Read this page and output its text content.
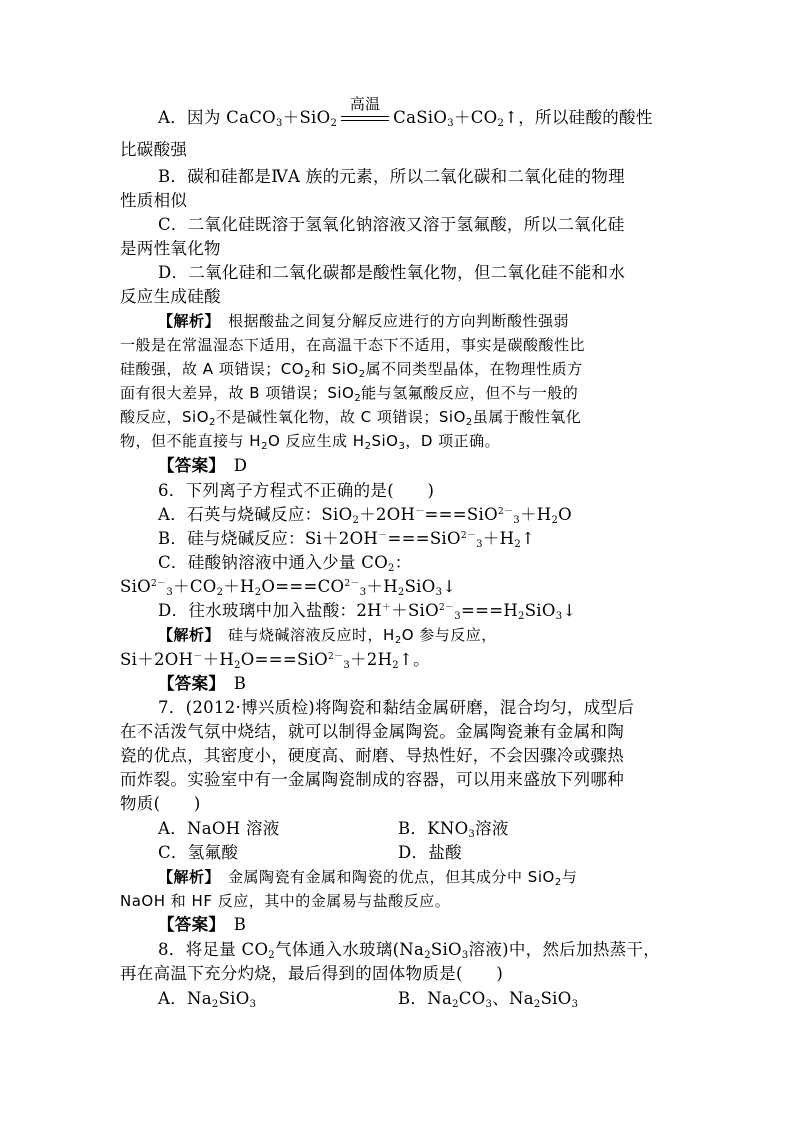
A．因为 CaCO$_3$＋SiO$_2$
高温
$CaSiO_3+CO_2↑$，所以硅酸的酸性
比碳酸强
B．碳和硅都是ⅣA 族的元素，所以二氧化碳和二氧化硅的物理
性质相似
C．二氧化硅既溶于氢氧化钠溶液又溶于氢氟酸，所以二氧化硅
是两性氧化物
D．二氧化硅和二氧化碳都是酸性氧化物，但二氧化硅不能和水
反应生成硅酸
【解析】　 根据酸盐之间复分解反应进行的方向判断酸性强弱
一般是在常温湿态下适用，在高温干态下不适用，事实是碳酸酸性比
硅酸强，故 A 项错误；$CO_2$和 SiO$_2$属不同类型晶体，在物理性质方
面有很大差异，故 B 项错误；SiO$_2$能与氢氟酸反应，但不与一般的
酸反应，SiO$_2$不是碱性氧化物，故 C 项错误；SiO$_2$虽属于酸性氧化
物，但不能直接与 $H_2O$ 反应生成 $H_2SiO_3$，D 项正确。
【答案】　 D
6．下列离子方程式不正确的是(　　)
A．石英与烧碱反应：$SiO_2+2OH^-===SiO^{2-}_3+H_2O$
B．硅与烧碱反应：$Si+2OH^-===SiO^{2-}_3+H_2↑$
C．硅酸钠溶液中通入少量 $CO_2$：
$SiO^{2-}_3+CO_2+H_2O===CO^{2-}_3+H_2SiO_3↓$
D．往水玻璃中加入盐酸：$2H^++SiO^{2-}_3===H_2SiO_3↓$
【解析】　 硅与烧碱溶液反应时，$H_2O$ 参与反应，
$Si+2OH^-+H_2O===SiO^{2-}_3+2H_2↑$。
【答案】　 B
7．(2012·博兴质检)将陶瓷和黏结金属研磨，混合均匀，成型后
在不活泼气氛中烧结，就可以制得金属陶瓷。金属陶瓷兼有金属和陶
瓷的优点，其密度小，硬度高、耐磨、导热性好，不会因骤冷或骤热
而炸裂。实验室中有一金属陶瓷制成的容器，可以用来盛放下列哪种
物质(　　)
A．NaOH 溶液	B．$KNO_3$溶液
C．氢氟酸	D．盐酸
【解析】　 金属陶瓷有金属和陶瓷的优点，但其成分中 SiO$_2$与
NaOH 和 HF 反应，其中的金属易与盐酸反应。
【答案】　 B
8．将足量 $CO_2$气体通入水玻璃($Na_2SiO_3$溶液)中，然后加热蒸干，
再在高温下充分灼烧，最后得到的固体物质是(　　)
A．$Na_2SiO_3$	B．$Na_2CO_3$、$Na_2SiO_3$
